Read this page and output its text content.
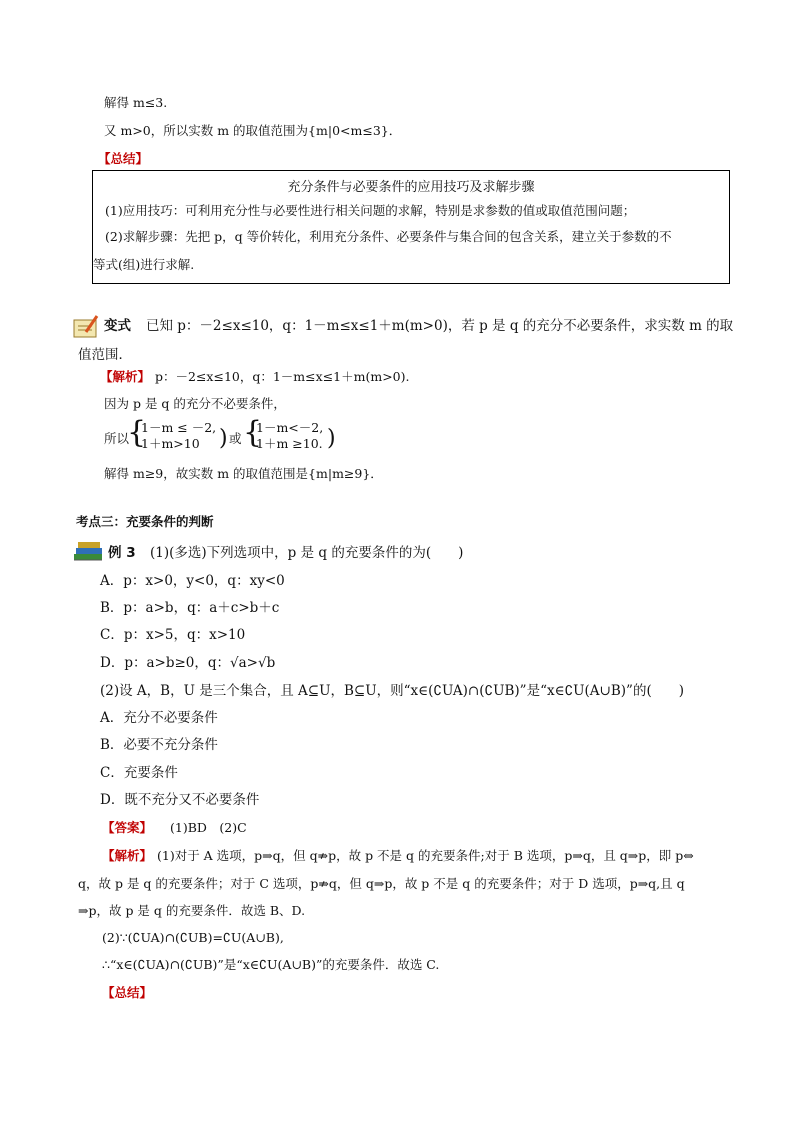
解得 m≤3.
又 m>0，所以实数 m 的取值范围为{m|0<m≤3}．
【总结】
充分条件与必要条件的应用技巧及求解步骤
(1)应用技巧：可利用充分性与必要性进行相关问题的求解，特别是求参数的值或取值范围问题；
(2)求解步骤：先把 p，q 等价转化，利用充分条件、必要条件与集合间的包含关系，建立关于参数的不
等式(组)进行求解.
变式 已知 p：－2≤x≤10，q：1－m≤x≤1＋m(m>0)，若 p 是 q 的充分不必要条件，求实数 m 的取
值范围．
【解析】 p：－2≤x≤10，q：1－m≤x≤1＋m(m>0).
因为 p 是 q 的充分不必要条件，
所以
{
1－m ≤ －2,
1＋m>10 ) 或 {
1－m<－2,
1＋m ≥10. )
解得 m≥9，故实数 m 的取值范围是{m|m≥9}．
考点三：充要条件的判断
例 3 (1)(多选)下列选项中，p 是 q 的充要条件的为(　　)
A．p：x>0，y<0，q：xy<0
B．p：a>b，q：a＋c>b＋c
C．p：x>5，q：x>10
D．p：a>b≥0，q：√a>√b
(2)设 A，B，U 是三个集合，且 A⊆U，B⊆U，则“x∈(∁UA)∩(∁UB)”是“x∈∁U(A∪B)”的(　　)
A．充分不必要条件
B．必要不充分条件
C．充要条件
D．既不充分又不必要条件
【答案】 (1)BD　(2)C
【解析】 (1)对于 A 选项，p⇒q，但 q⇏p，故 p 不是 q 的充要条件;对于 B 选项，p⇒q，且 q⇒p，即 p⇔
q，故 p 是 q 的充要条件；对于 C 选项，p⇏q，但 q⇒p，故 p 不是 q 的充要条件；对于 D 选项，p⇒q,且 q
⇒p，故 p 是 q 的充要条件．故选 B、D.
(2)∵(∁UA)∩(∁UB)=∁U(A∪B),
∴“x∈(∁UA)∩(∁UB)”是“x∈∁U(A∪B)”的充要条件．故选 C.
【总结】
